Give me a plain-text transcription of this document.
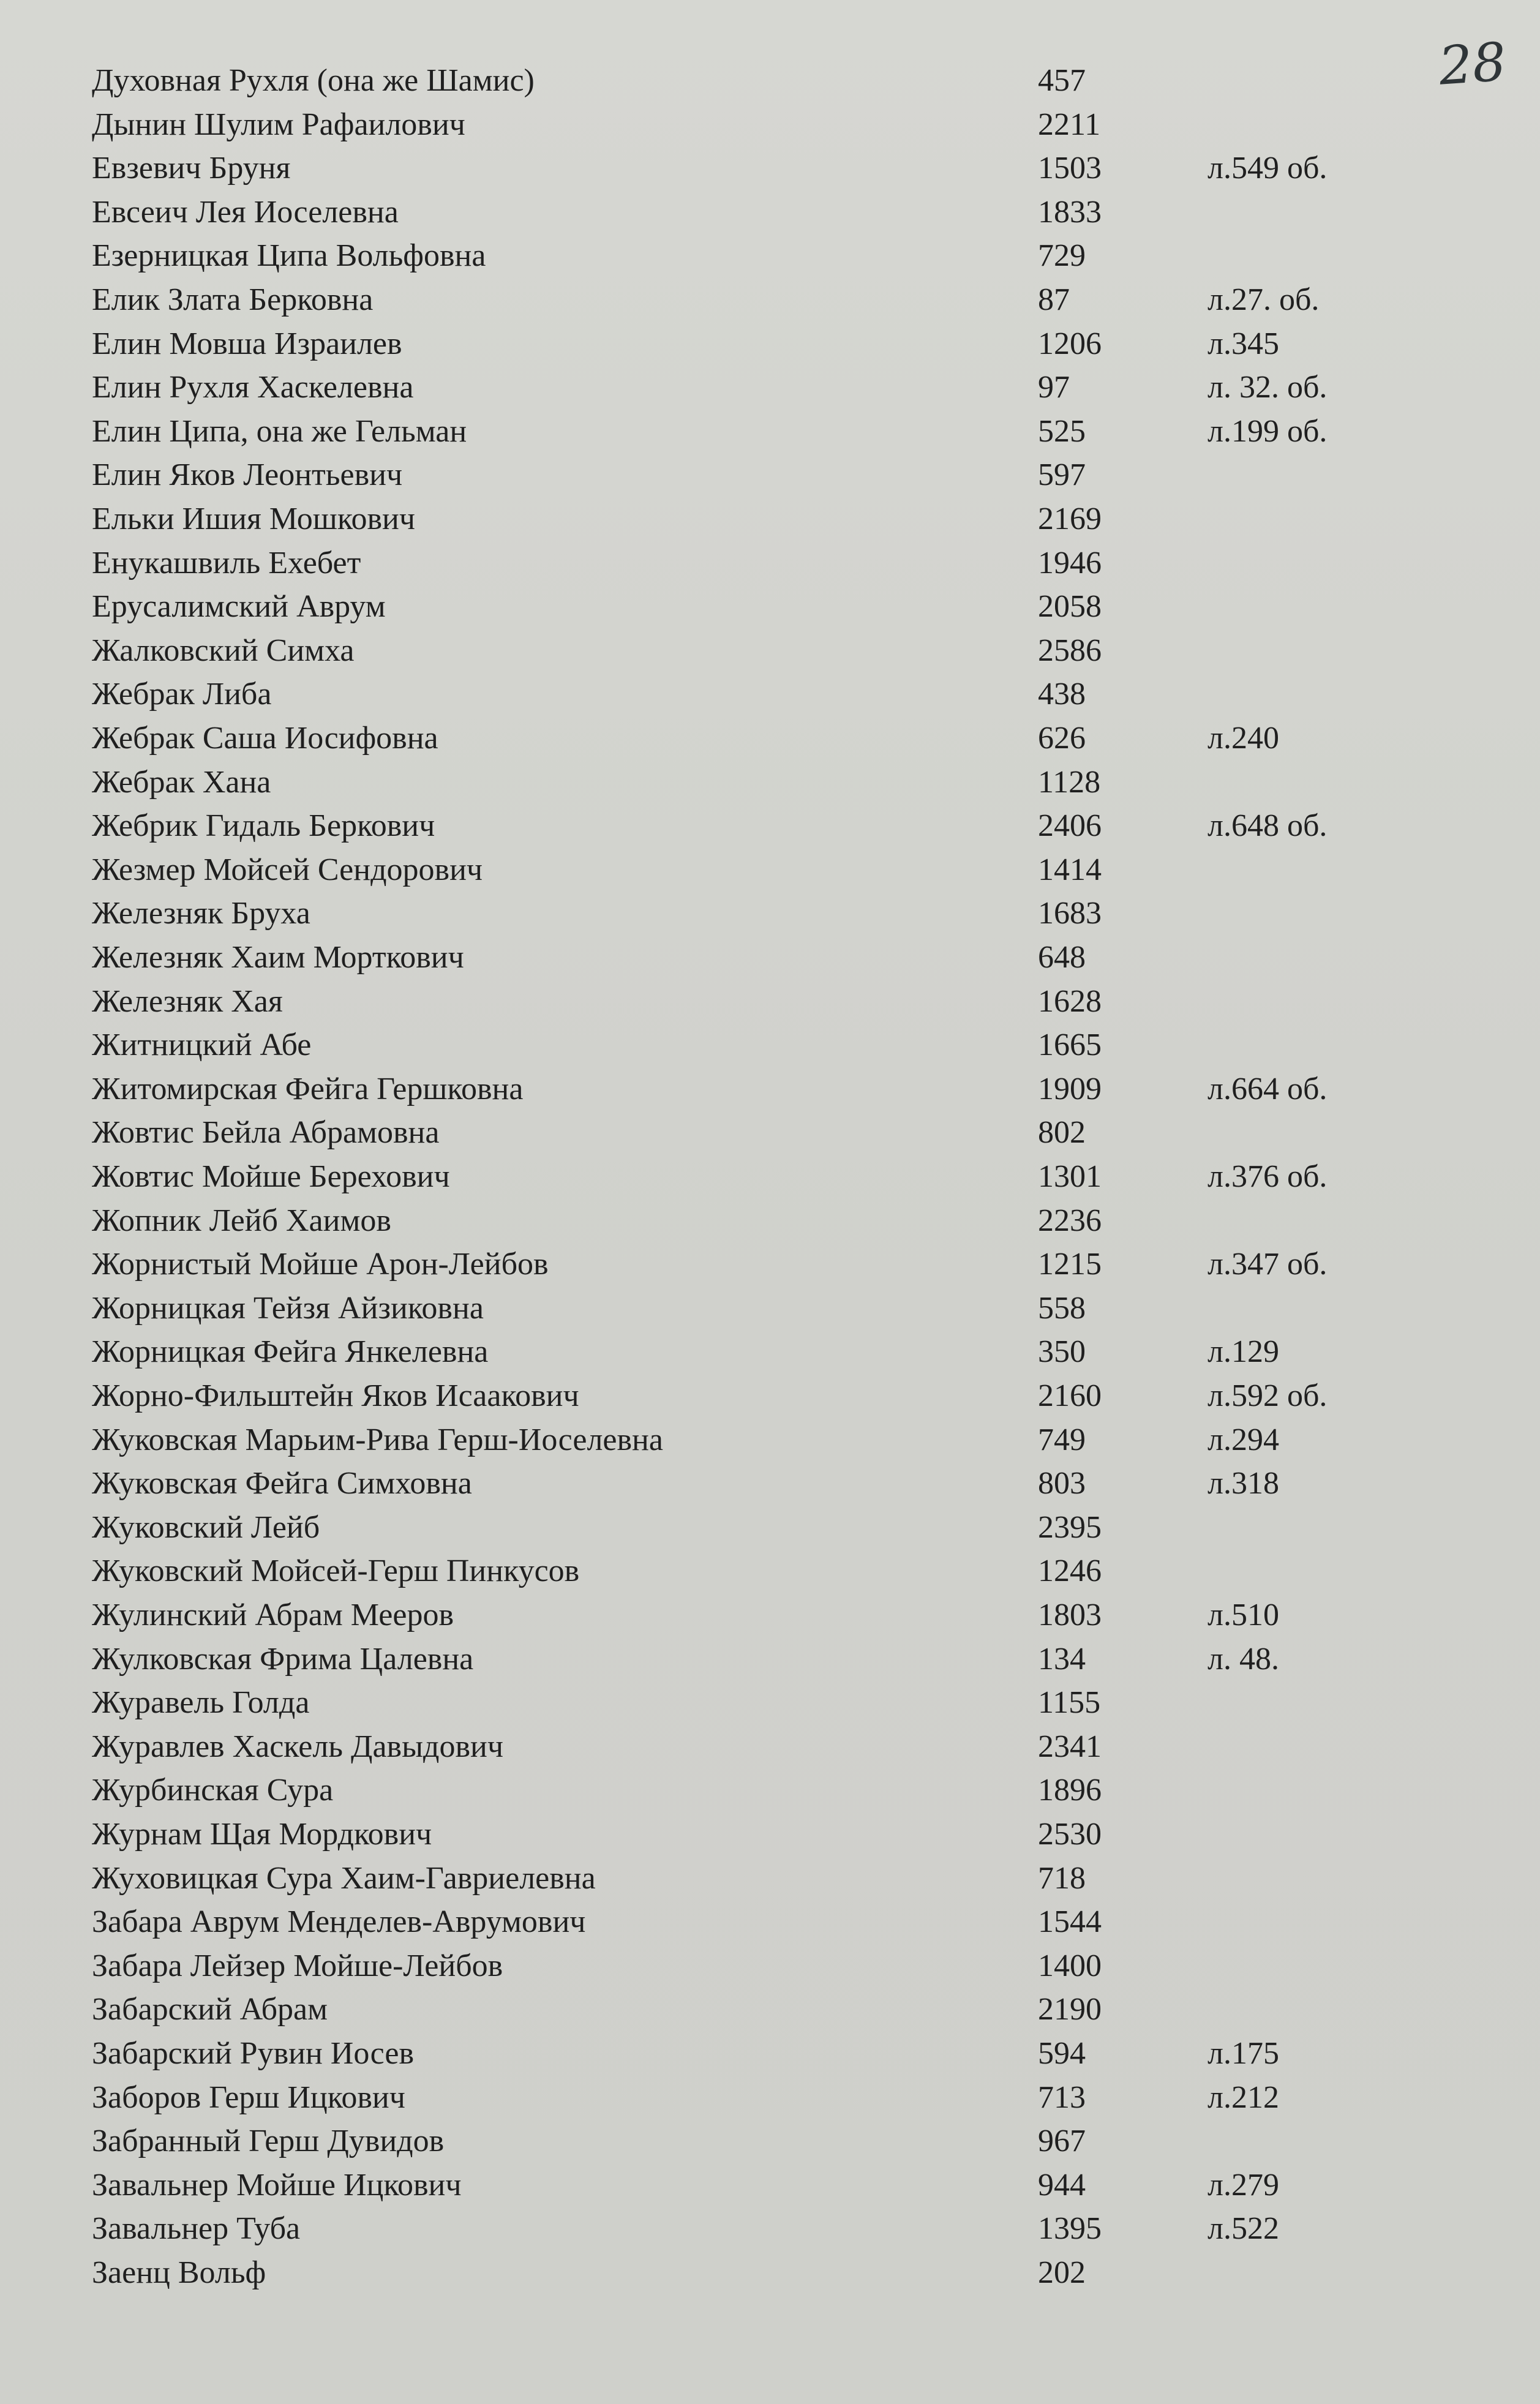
28
Духовная Рухля (она же Шамис)	457
Дынин Шулим Рафаилович	2211
Евзевич Бруня	1503	л.549 об.
Евсеич Лея Иоселевна	1833
Езерницкая Ципа Вольфовна	729
Елик Злата Берковна	87	л.27. об.
Елин Мовша Израилев	1206	л.345
Елин Рухля Хаскелевна	97	л. 32. об.
Елин Ципа, она же Гельман	525	л.199 об.
Елин Яков Леонтьевич	597
Ельки Ишия Мошкович	2169
Енукашвиль Ехебет	1946
Ерусалимский Аврум	2058
Жалковский Симха	2586
Жебрак Либа	438
Жебрак Саша Иосифовна	626	л.240
Жебрак Хана	1128
Жебрик Гидаль Беркович	2406	л.648 об.
Жезмер Мойсей Сендорович	1414
Железняк Бруха	1683
Железняк Хаим Морткович	648
Железняк Хая	1628
Житницкий Абе	1665
Житомирская Фейга Гершковна	1909	л.664 об.
Жовтис Бейла Абрамовна	802
Жовтис Мойше Берехович	1301	л.376 об.
Жопник Лейб Хаимов	2236
Жорнистый Мойше Арон-Лейбов	1215	л.347 об.
Жорницкая Тейзя Айзиковна	558
Жорницкая Фейга Янкелевна	350	л.129
Жорно-Фильштейн Яков Исаакович	2160	л.592 об.
Жуковская Марьим-Рива Герш-Иоселевна	749	л.294
Жуковская Фейга Симховна	803	л.318
Жуковский Лейб	2395
Жуковский Мойсей-Герш Пинкусов	1246
Жулинский Абрам Мееров	1803	л.510
Жулковская Фрима Цалевна	134	л. 48.
Журавель Голда	1155
Журавлев Хаскель Давыдович	2341
Журбинская Сура	1896
Журнам Щая Мордкович	2530
Жуховицкая Сура Хаим-Гавриелевна	718
Забара Аврум Менделев-Аврумович	1544
Забара Лейзер Мойше-Лейбов	1400
Забарский Абрам	2190
Забарский Рувин Иосев	594	л.175
Заборов Герш Ицкович	713	л.212
Забранный Герш Дувидов	967
Завальнер Мойше Ицкович	944	л.279
Завальнер Туба	1395	л.522
Заенц Вольф	202
